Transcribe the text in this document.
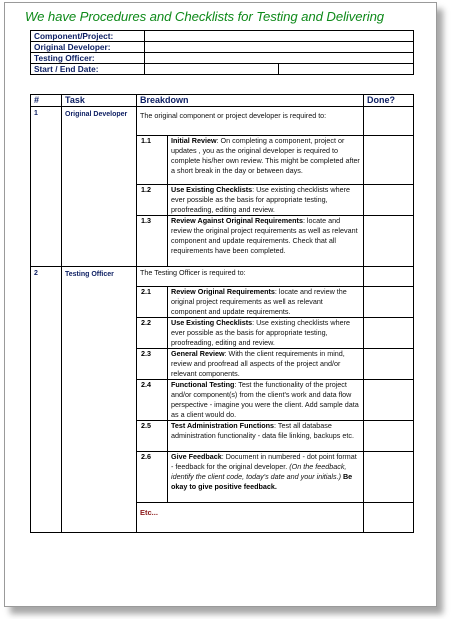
We have Procedures and Checklists for Testing and Delivering
Component/Project:		
Original Developer:		
Testing Officer:		
Start / End Date:		
#	Task	Breakdown		Done?
1	Original Developer	The original component or project developer is required to:		
		1.1	Initial Review: On completing a component, project or updates , you as the original developer is required to complete his/her own review. This might be completed after a short break in the day or between days.	
		1.2	Use Existing Checklists: Use existing checklists where ever possible as the basis for appropriate testing, proofreading, editing and review.	
		1.3	Review Against Original Requirements: locate and review the original project requirements as well as relevant component and update requirements. Check that all requirements have been completed.	
2	Testing Officer	The Testing Officer is required to:		
		2.1	Review Original Requirements: locate and review the original project requirements as well as relevant component and update requirements.	
		2.2	Use Existing Checklists: Use existing checklists where ever possible as the basis for appropriate testing, proofreading, editing and review.	
		2.3	General Review: With the client requirements in mind, review and proofread all aspects of the project and/or relevant components.	
		2.4	Functional Testing: Test the functionality of the project and/or component(s) from the client's work and data flow perspective - imagine you were the client. Add sample data as a client would do.	
		2.5	Test Administration Functions: Test all database administration functionality - data file linking, backups etc.	
		2.6	Give Feedback: Document in numbered - dot point format - feedback for the original developer. (On the feedback, identify the client code, today's date and your initials.) Be okay to give positive feedback.	
		Etc...		
